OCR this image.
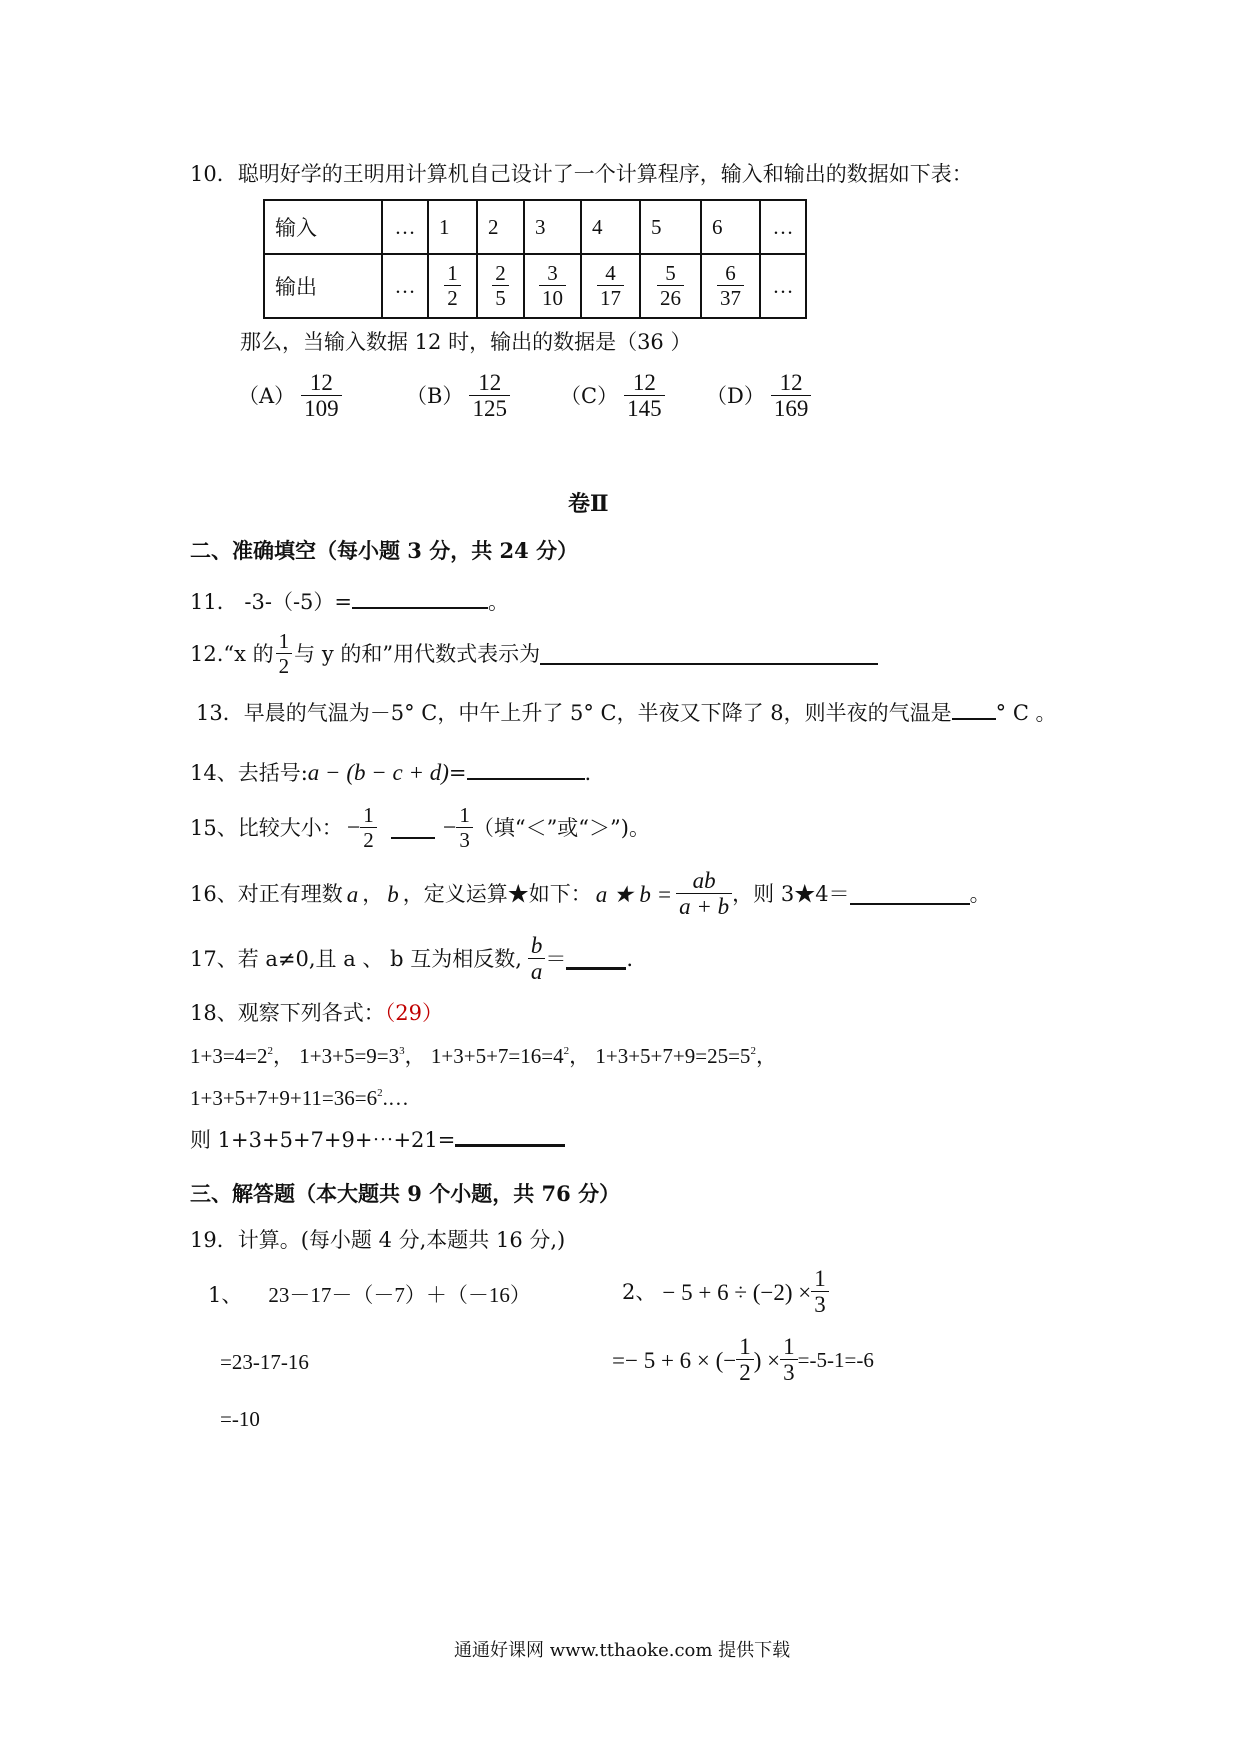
10．聪明好学的王明用计算机自己设计了一个计算程序，输入和输出的数据如下表：
输入	…	1	2	3	4	5	6	…
输出	…	$\frac{1}{2}$	$\frac{2}{5}$	$\frac{3}{10}$	$\frac{4}{17}$	$\frac{5}{26}$	$\frac{6}{37}$	…
那么，当输入数据 12 时，输出的数据是（36 ）
$(A) \frac{12}{109}$	$(B) \frac{12}{125} (C) \frac{12}{145} (D) \frac{12}{169}$
卷Ⅱ
二、准确填空（每小题 3 分，共 24 分）
11． -3-（-5）=	。
12.“x 的 $\frac{1}{2}$ 与 y 的和”用代数式表示为
13．早晨的气温为－5° C，中午上升了 5° C，半夜又下降了 8，则半夜的气温是 ° C 。
14、去括号:a − (b − c + d)=	.
15、比较大小： − $\frac{1}{2}$	− $\frac{1}{3}$ （填“＜”或“＞”)。
16、对正有理数 a ， b ，定义运算★如下： a ★ $b = \frac{ab}{a + b}$ ，则 3★4＝	。
17、若 a≠0,且 a 、 b 互为相反数, $\frac{b}{a}$ ＝	.
18、观察下列各式：（29）
$1+3=4=2^2$， $1+3+5=9=3^3$， $1+3+5+7=16=4^2$， $1+3+5+7+9=25=5^2$，
$1+3+5+7+9+11=36=6^2.\dots$
则 1+3+5+7+9+⋯+21=
三、解答题（本大题共 9 个小题，共 76 分）
19．计算。(每小题 4 分,本题共 16 分,)
1、 23－17－（－7）＋（－16）
=23-17-16
=-10
2、 − $5 + 6 \div (-2) \times \frac{1}{3}$
=− 5 + 6 × (− $\frac{1}{2}$ ) × $\frac{1}{3} =-5-1=-6$
通通好课网 www.tthaoke.com 提供下载
